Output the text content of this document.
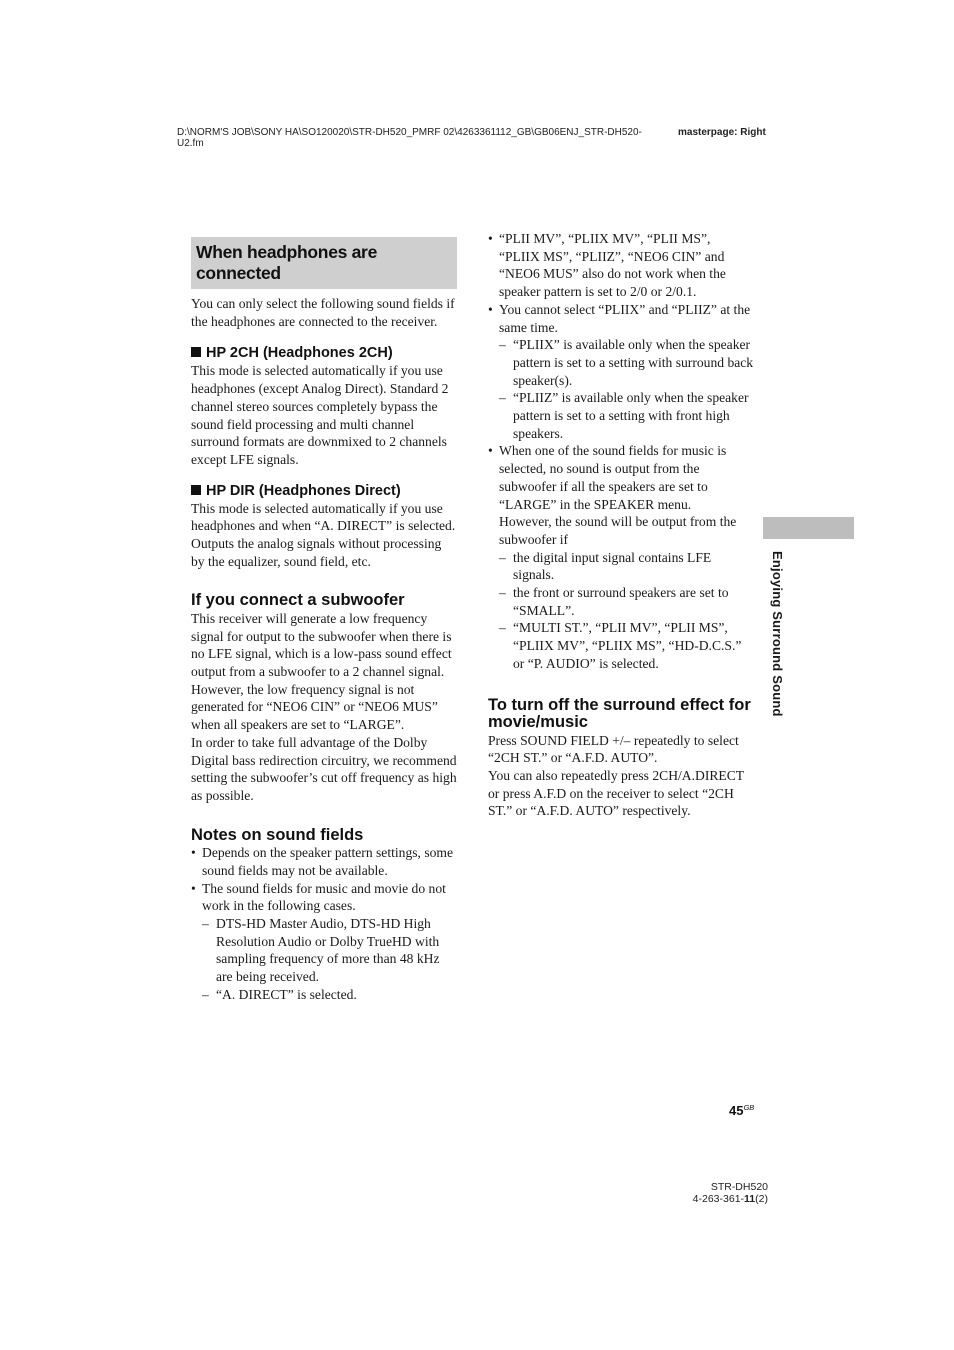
D:\NORM'S JOB\SONY HA\SO120020\STR-DH520_PMRF 02\4263361112_GB\GB06ENJ_STR-DH520-U2.fm
masterpage: Right
When headphones are connected

You can only select the following sound fields if the headphones are connected to the receiver.

HP 2CH (Headphones 2CH)

This mode is selected automatically if you use headphones (except Analog Direct). Standard 2 channel stereo sources completely bypass the sound field processing and multi channel surround formats are downmixed to 2 channels except LFE signals.

HP DIR (Headphones Direct)

This mode is selected automatically if you use headphones and when “A. DIRECT” is selected.

Outputs the analog signals without processing by the equalizer, sound field, etc.

If you connect a subwoofer

This receiver will generate a low frequency signal for output to the subwoofer when there is no LFE signal, which is a low-pass sound effect output from a subwoofer to a 2 channel signal. However, the low frequency signal is not generated for “NEO6 CIN” or “NEO6 MUS” when all speakers are set to “LARGE”.

In order to take full advantage of the Dolby Digital bass redirection circuitry, we recommend setting the subwoofer’s cut off frequency as high as possible.

Notes on sound fields
• Depends on the speaker pattern settings, some sound fields may not be available.
• The sound fields for music and movie do not work in the following cases.
– DTS-HD Master Audio, DTS-HD High Resolution Audio or Dolby TrueHD with sampling frequency of more than 48 kHz are being received.
– “A. DIRECT” is selected.
• “PLII MV”, “PLIIX MV”, “PLII MS”, “PLIIX MS”, “PLIIZ”, “NEO6 CIN” and “NEO6 MUS” also do not work when the speaker pattern is set to 2/0 or 2/0.1.
• You cannot select “PLIIX” and “PLIIZ” at the same time.
– “PLIIX” is available only when the speaker pattern is set to a setting with surround back speaker(s).
– “PLIIZ” is available only when the speaker pattern is set to a setting with front high speakers.
• When one of the sound fields for music is selected, no sound is output from the subwoofer if all the speakers are set to “LARGE” in the SPEAKER menu.
However, the sound will be output from the subwoofer if
– the digital input signal contains LFE signals.
– the front or surround speakers are set to “SMALL”.
– “MULTI ST.”, “PLII MV”, “PLII MS”, “PLIIX MV”, “PLIIX MS”, “HD-D.C.S.” or “P. AUDIO” is selected.
To turn off the surround effect for movie/music

Press SOUND FIELD +/– repeatedly to select “2CH ST.” or “A.F.D. AUTO”.

You can also repeatedly press 2CH/A.DIRECT or press A.F.D on the receiver to select “2CH ST.” or “A.F.D. AUTO” respectively.

Enjoying Surround Sound
$45^{GB}$
STR-DH520
4-263-361-11(2)
